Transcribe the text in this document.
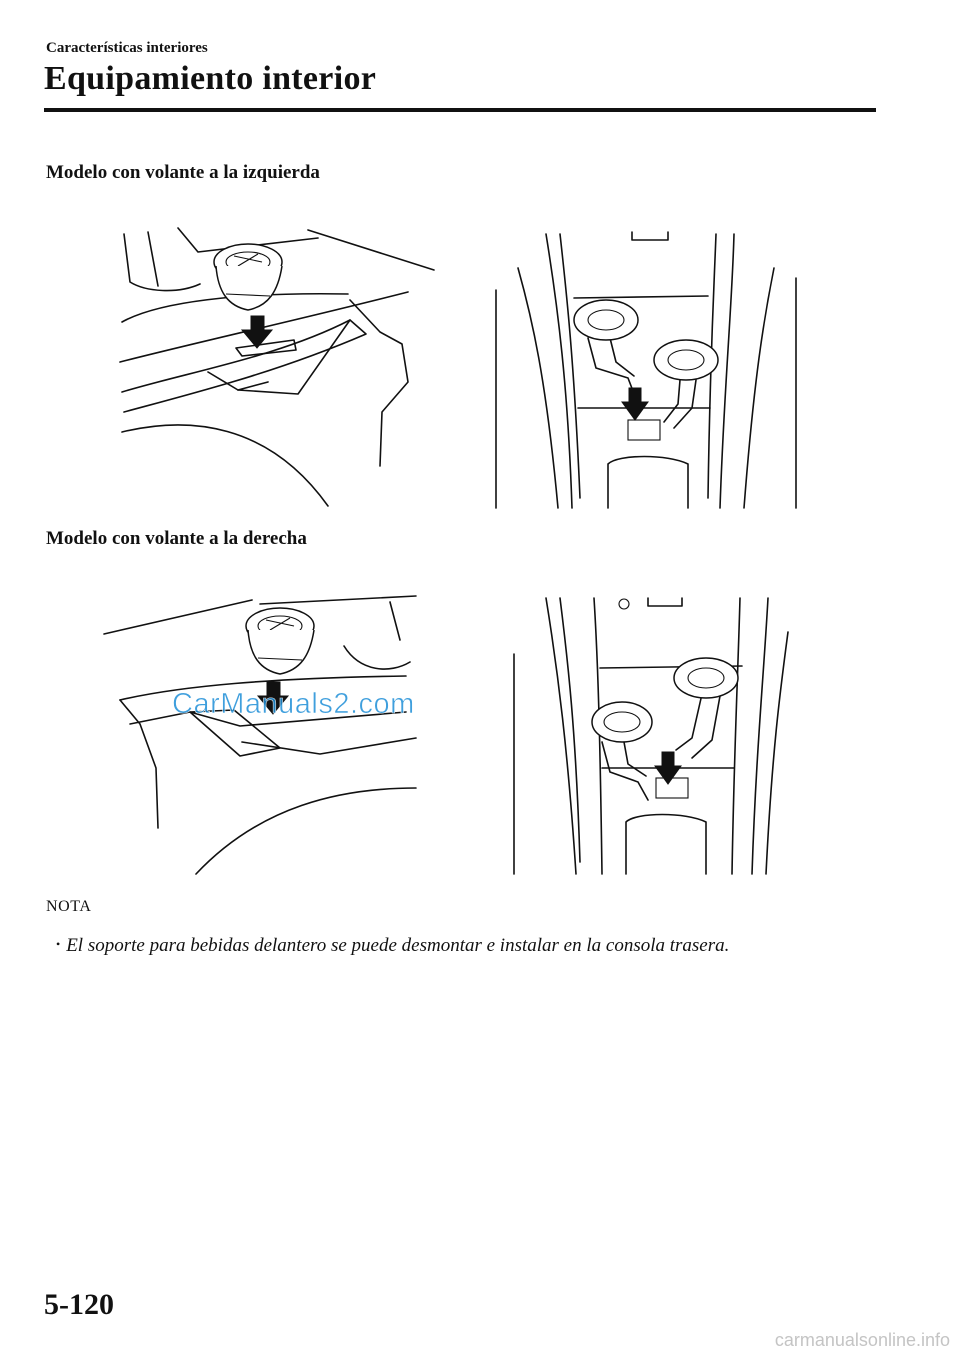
Características interiores
Equipamiento interior
Modelo con volante a la izquierda
Modelo con volante a la derecha
CarManuals2.com
NOTA
• El soporte para bebidas delantero se puede desmontar e instalar en la consola trasera.
5-120
carmanualsonline.info
